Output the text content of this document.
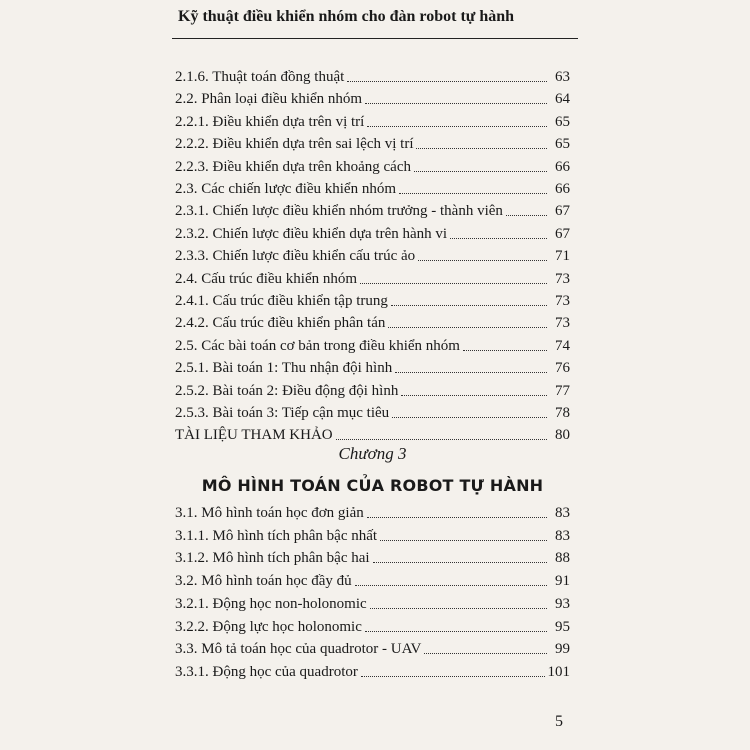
Kỹ thuật điều khiển nhóm cho đàn robot tự hành
2.1.6. Thuật toán đồng thuật	63
2.2. Phân loại điều khiển nhóm	64
2.2.1. Điều khiển dựa trên vị trí	65
2.2.2. Điều khiển dựa trên sai lệch vị trí	65
2.2.3. Điều khiển dựa trên khoảng cách	66
2.3. Các chiến lược điều khiển nhóm	66
2.3.1. Chiến lược điều khiển nhóm trưởng - thành viên	67
2.3.2. Chiến lược điều khiển dựa trên hành vi	67
2.3.3. Chiến lược điều khiển cấu trúc ảo	71
2.4. Cấu trúc điều khiển nhóm	73
2.4.1. Cấu trúc điều khiển tập trung	73
2.4.2. Cấu trúc điều khiển phân tán	73
2.5. Các bài toán cơ bản trong điều khiển nhóm	74
2.5.1. Bài toán 1: Thu nhận đội hình	76
2.5.2. Bài toán 2: Điều động đội hình	77
2.5.3. Bài toán 3: Tiếp cận mục tiêu	78
TÀI LIỆU THAM KHẢO	80
3.1. Mô hình toán học đơn giản	83
3.1.1. Mô hình tích phân bậc nhất	83
3.1.2. Mô hình tích phân bậc hai	88
3.2. Mô hình toán học đầy đủ	91
3.2.1. Động học non-holonomic	93
3.2.2. Động lực học holonomic	95
3.3. Mô tả toán học của quadrotor - UAV	99
3.3.1. Động học của quadrotor	101
Chương 3
MÔ HÌNH TOÁN CỦA ROBOT TỰ HÀNH
5
